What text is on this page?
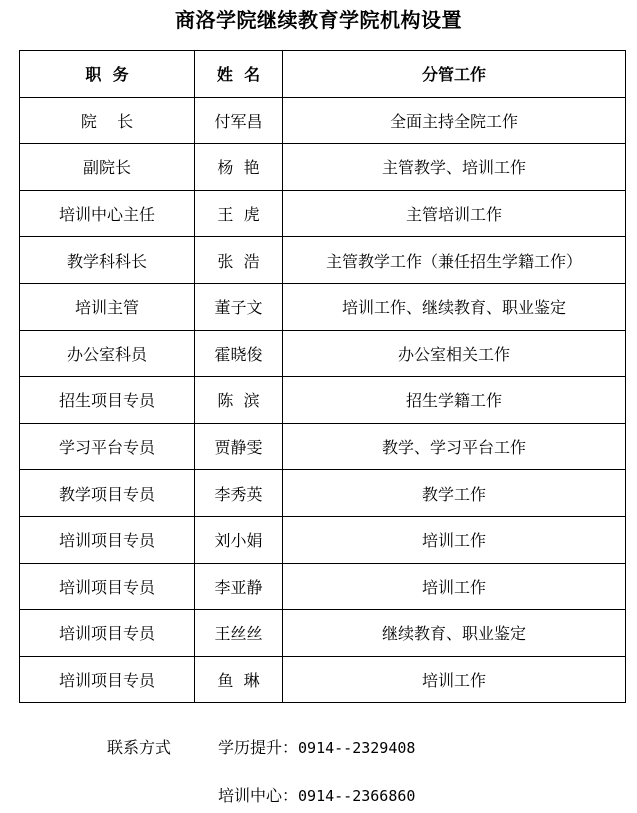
商洛学院继续教育学院机构设置
职  务	姓  名	分管工作
院    长	付军昌	全面主持全院工作
副院长	杨  艳	主管教学、培训工作
培训中心主任	王  虎	主管培训工作
教学科科长	张  浩	主管教学工作（兼任招生学籍工作）
培训主管	董子文	培训工作、继续教育、职业鉴定
办公室科员	霍晓俊	办公室相关工作
招生项目专员	陈  滨	招生学籍工作
学习平台专员	贾静雯	教学、学习平台工作
教学项目专员	李秀英	教学工作
培训项目专员	刘小娟	培训工作
培训项目专员	李亚静	培训工作
培训项目专员	王丝丝	继续教育、职业鉴定
培训项目专员	鱼  琳	培训工作
联系方式	学历提升：0914--2329408
培训中心：0914--2366860
